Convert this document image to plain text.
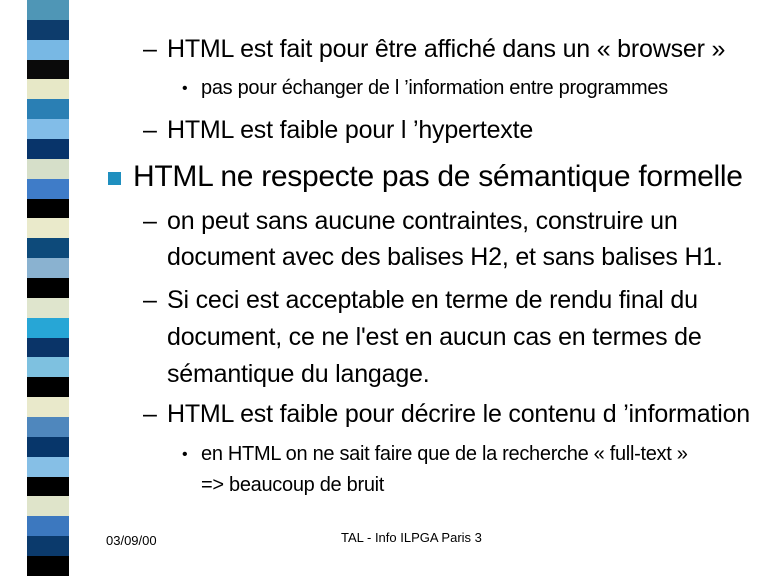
– HTML est fait pour être affiché dans un « browser »
• pas pour échanger de l ’information entre programmes
– HTML est faible pour l ’hypertexte
HTML ne respecte pas de sémantique formelle
– on peut sans aucune contraintes, construire un
document avec des balises H2, et sans balises H1.
– Si ceci est acceptable en terme de rendu final du
document, ce ne l'est en aucun cas en termes de
sémantique du langage.
– HTML est faible pour décrire le contenu d ’information
• en HTML on ne sait faire que de la recherche « full-text »
=> beaucoup de bruit
03/09/00	TAL - Info ILPGA Paris 3
